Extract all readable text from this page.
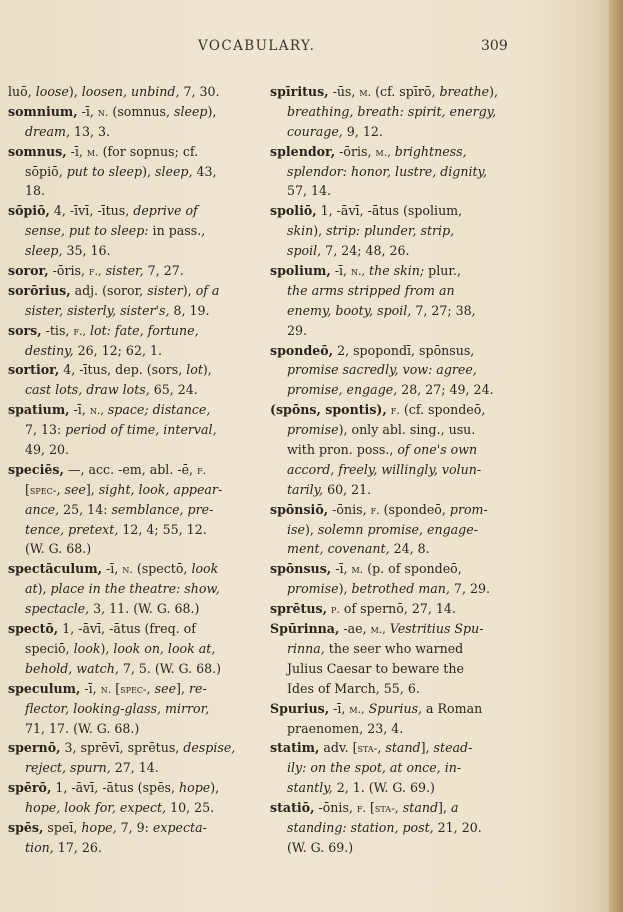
VOCABULARY.	309
luō, loose), loosen, unbind, 7, 30.
somnium, -ī, n. (somnus, sleep),
dream, 13, 3.
somnus, -ī, m. (for sopnus; cf.
sōpiō, put to sleep), sleep, 43,
18.
sōpiō, 4, -īvī, -ītus, deprive of
sense, put to sleep: in pass.,
sleep, 35, 16.
soror, -ōris, f., sister, 7, 27.
sorōrius, adj. (soror, sister), of a
sister, sisterly, sister's, 8, 19.
sors, -tis, f., lot: fate, fortune,
destiny, 26, 12; 62, 1.
sortior, 4, -ītus, dep. (sors, lot),
cast lots, draw lots, 65, 24.
spatium, -ī, n., space; distance,
7, 13: period of time, interval,
49, 20.
speciēs, —, acc. -em, abl. -ē, f.
[spec-, see], sight, look, appear-
ance, 25, 14: semblance, pre-
tence, pretext, 12, 4; 55, 12.
(W. G. 68.)
spectāculum, -ī, n. (spectō, look
at), place in the theatre: show,
spectacle, 3, 11. (W. G. 68.)
spectō, 1, -āvī, -ātus (freq. of
speciō, look), look on, look at,
behold, watch, 7, 5. (W. G. 68.)
speculum, -ī, n. [spec-, see], re-
flector, looking-glass, mirror,
71, 17. (W. G. 68.)
spernō, 3, sprēvī, sprētus, despise,
reject, spurn, 27, 14.
spērō, 1, -āvī, -ātus (spēs, hope),
hope, look for, expect, 10, 25.
spēs, speī, hope, 7, 9: expecta-
tion, 17, 26.
spīritus, -ūs, m. (cf. spīrō, breathe),
breathing, breath: spirit, energy,
courage, 9, 12.
splendor, -ōris, m., brightness,
splendor: honor, lustre, dignity,
57, 14.
spoliō, 1, -āvī, -ātus (spolium,
skin), strip: plunder, strip,
spoil, 7, 24; 48, 26.
spolium, -ī, n., the skin; plur.,
the arms stripped from an
enemy, booty, spoil, 7, 27; 38,
29.
spondeō, 2, spopondī, spōnsus,
promise sacredly, vow: agree,
promise, engage, 28, 27; 49, 24.
(spōns, spontis), f. (cf. spondeō,
promise), only abl. sing., usu.
with pron. poss., of one's own
accord, freely, willingly, volun-
tarily, 60, 21.
spōnsiō, -ōnis, f. (spondeō, prom-
ise), solemn promise, engage-
ment, covenant, 24, 8.
spōnsus, -ī, m. (p. of spondeō,
promise), betrothed man, 7, 29.
sprētus, p. of spernō, 27, 14.
Spūrinna, -ae, m., Vestritius Spu-
rinna, the seer who warned
Julius Caesar to beware the
Ides of March, 55, 6.
Spurius, -ī, m., Spurius, a Roman
praenomen, 23, 4.
statim, adv. [sta-, stand], stead-
ily: on the spot, at once, in-
stantly, 2, 1. (W. G. 69.)
statiō, -ōnis, f. [sta-, stand], a
standing: station, post, 21, 20.
(W. G. 69.)
